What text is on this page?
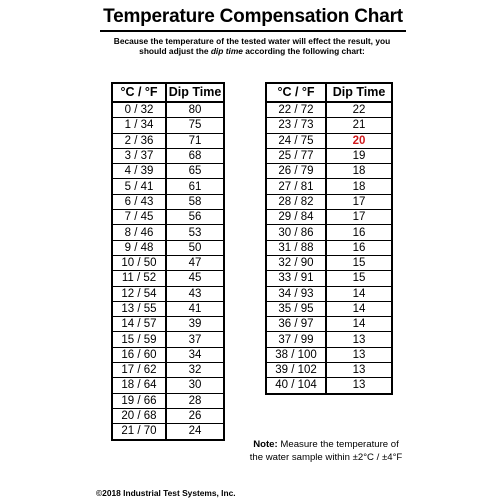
Temperature Compensation Chart
Because the temperature of the tested water will effect the result, you
should adjust the dip time according the following chart:
°C / °F	Dip Time
0 / 32	80
1 / 34	75
2 / 36	71
3 / 37	68
4 / 39	65
5 / 41	61
6 / 43	58
7 / 45	56
8 / 46	53
9 / 48	50
10 / 50	47
11 / 52	45
12 / 54	43
13 / 55	41
14 / 57	39
15 / 59	37
16 / 60	34
17 / 62	32
18 / 64	30
19 / 66	28
20 / 68	26
21 / 70	24
°C / °F	Dip Time
22 / 72	22
23 / 73	21
24 / 75	20
25 / 77	19
26 / 79	18
27 / 81	18
28 / 82	17
29 / 84	17
30 / 86	16
31 / 88	16
32 / 90	15
33 / 91	15
34 / 93	14
35 / 95	14
36 / 97	14
37 / 99	13
38 / 100	13
39 / 102	13
40 / 104	13
Note: Measure the temperature of
the water sample within ±2°C / ±4°F
©2018 Industrial Test Systems, Inc.
